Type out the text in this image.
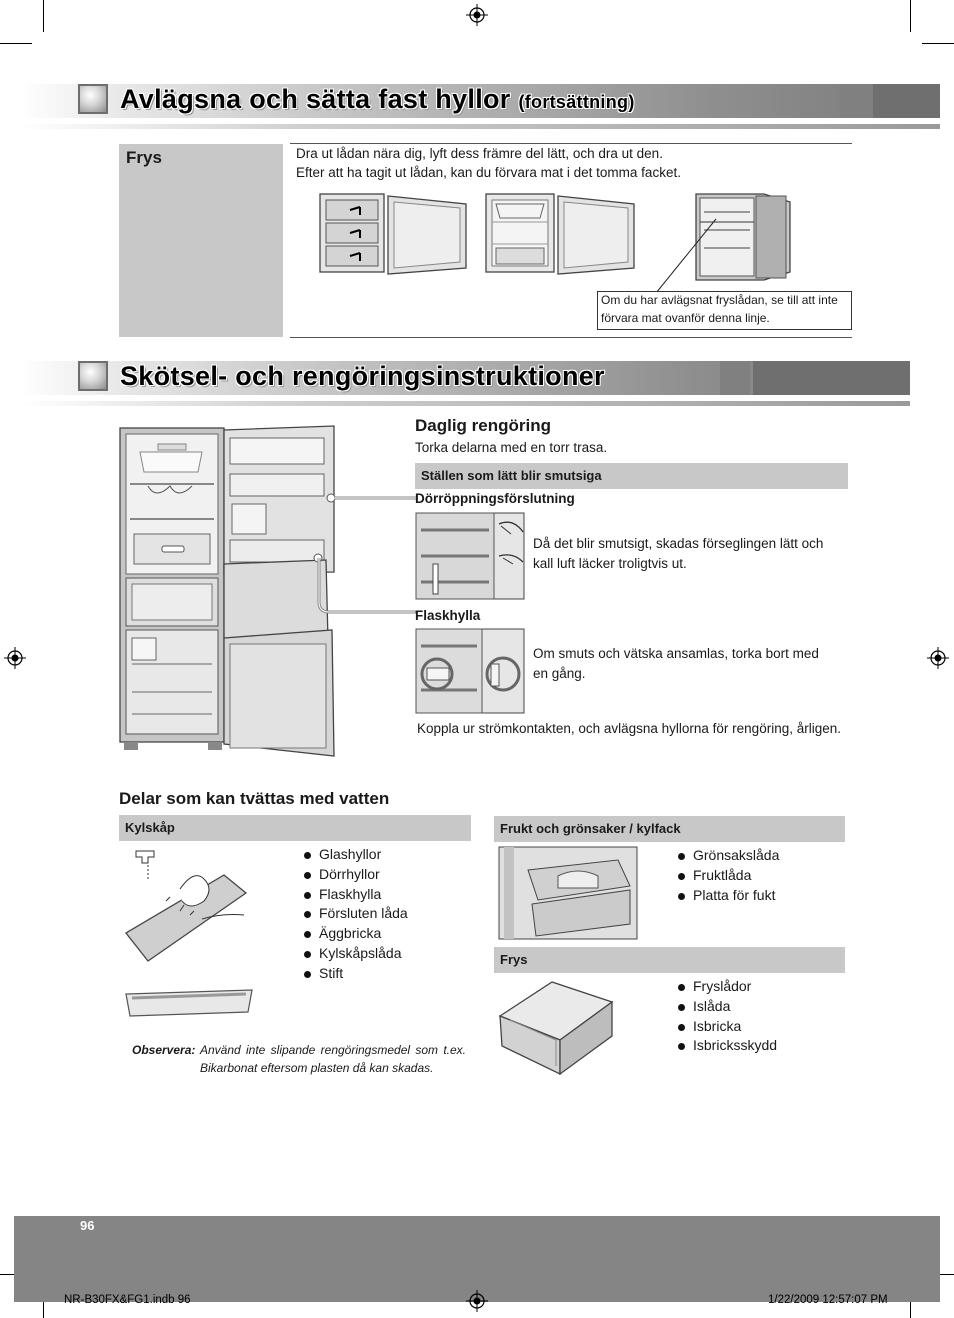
Avlägsna och sätta fast hyllor (fortsättning)
Frys	Dra ut lådan nära dig, lyft dess främre del lätt, och dra ut den.
Efter att ha tagit ut lådan, kan du förvara mat i det tomma facket.
Om du har avlägsnat fryslådan, se till att inte
förvara mat ovanför denna linje.
Skötsel- och rengöringsinstruktioner
Daglig rengöring
Torka delarna med en torr trasa.
Ställen som lätt blir smutsiga
Dörröppningsförslutning
Då det blir smutsigt, skadas förseglingen lätt och
kall luft läcker troligtvis ut.
Flaskhylla
Om smuts och vätska ansamlas, torka bort med
en gång.
Koppla ur strömkontakten, och avlägsna hyllorna för rengöring, årligen.
Delar som kan tvättas med vatten
Kylskåp
Glashyllor
Dörrhyllor
Flaskhylla
Försluten låda
Äggbricka
Kylskåpslåda
Stift
Observera: Använd inte slipande rengöringsmedel som t.ex.
Bikarbonat eftersom plasten då kan skadas.
Frukt och grönsaker / kylfack
Grönsakslåda
Fruktlåda
Platta för fukt
Frys
Fryslådor
Islåda
Isbricka
Isbricksskydd
96
NR-B30FX&FG1.indb 96	1/22/2009 12:57:07 PM
